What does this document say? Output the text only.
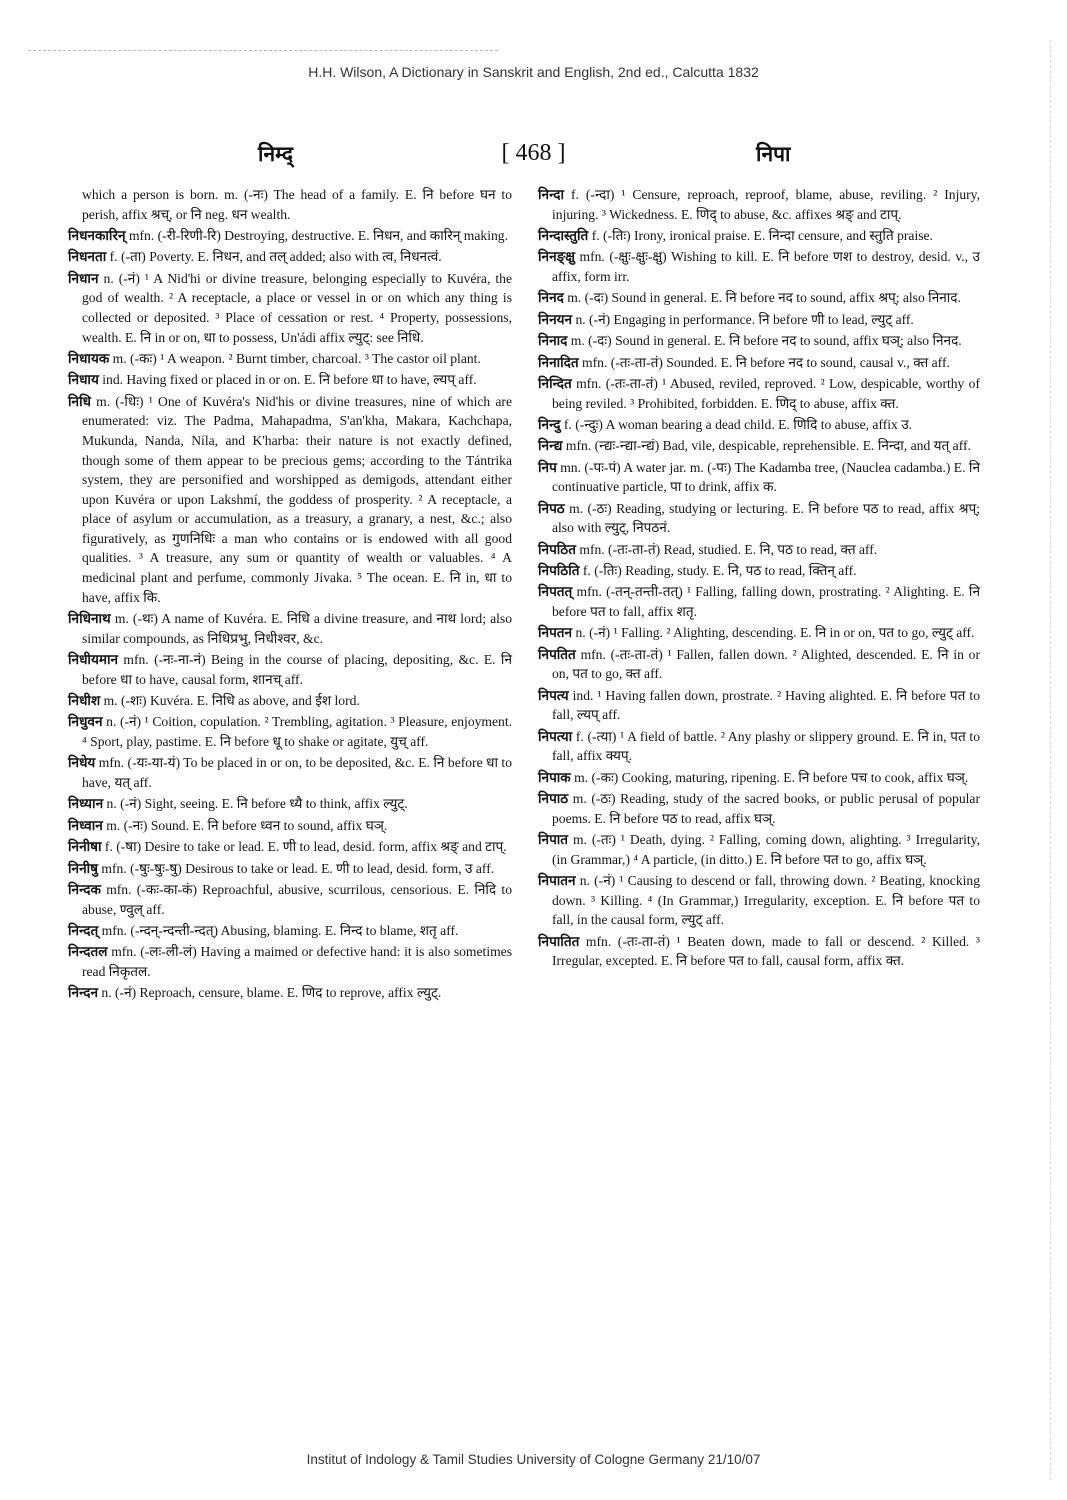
H.H. Wilson, A Dictionary in Sanskrit and English, 2nd ed., Calcutta 1832
निम्द्	[ 468 ]	निपा

which a person is born. m. (-नः) The head of a family. E. नि before घन to perish, affix श्रच्, or नि neg. धन wealth.

निधनकारिन् mfn. (-री-रिणी-रि) Destroying, destructive. E. निधन, and कारिन् making.

निधनता f. (-ता) Poverty. E. निधन, and तल् added; also with त्व, निधनत्वं.

निधान n. (-नं) ¹ A Nid'hi or divine treasure, belonging especially to Kuvéra, the god of wealth. ² A receptacle, a place or vessel in or on which any thing is collected or deposited. ³ Place of cessation or rest. ⁴ Property, possessions, wealth. E. नि in or on, धा to possess, Un'ádi affix ल्युट्: see निधि.

निधायक m. (-कः) ¹ A weapon. ² Burnt timber, charcoal. ³ The castor oil plant.

निधाय ind. Having fixed or placed in or on. E. नि before धा to have, ल्यप् aff.

निधि m. (-धिः) ¹ One of Kuvéra's Nid'his or divine treasures, nine of which are enumerated: viz. The Padma, Mahapadma, S'an'kha, Makara, Kachchapa, Mukunda, Nanda, Níla, and K'harba: their nature is not exactly defined, though some of them appear to be precious gems; according to the Tántrika system, they are personified and worshipped as demigods, attendant either upon Kuvéra or upon Lakshmí, the goddess of prosperity. ² A receptacle, a place of asylum or accumulation, as a treasury, a granary, a nest, &c.; also figuratively, as गुणनिधिः a man who contains or is endowed with all good qualities. ³ A treasure, any sum or quantity of wealth or valuables. ⁴ A medicinal plant and perfume, commonly Jivaka. ⁵ The ocean. E. नि in, धा to have, affix कि.

निधिनाथ m. (-थः) A name of Kuvéra. E. निधि a divine treasure, and नाथ lord; also similar compounds, as निधिप्रभु, निधीश्वर, &c.

निधीयमान mfn. (-नः-ना-नं) Being in the course of placing, depositing, &c. E. नि before धा to have, causal form, शानच् aff.

निधीश m. (-शः) Kuvéra. E. निधि as above, and ईश lord.

निधुवन n. (-नं) ¹ Coition, copulation. ² Trembling, agitation. ³ Pleasure, enjoyment. ⁴ Sport, play, pastime. E. नि before धू to shake or agitate, युच् aff.

निधेय mfn. (-यः-या-यं) To be placed in or on, to be deposited, &c. E. नि before धा to have, यत् aff.

निध्यान n. (-नं) Sight, seeing. E. नि before ध्यै to think, affix ल्युट्.

निध्वान m. (-नः) Sound. E. नि before ध्वन to sound, affix घञ्.

निनीषा f. (-षा) Desire to take or lead. E. णी to lead, desid. form, affix श्रङ् and टाप्.

निनीषु mfn. (-षुः-षुः-षु) Desirous to take or lead. E. णी to lead, desid. form, उ aff.

निन्दक mfn. (-कः-का-कं) Reproachful, abusive, scurrilous, censorious. E. निदि to abuse, ण्वुल् aff.

निन्दत् mfn. (-न्दन्-न्दन्ती-न्दत्) Abusing, blaming. E. निन्द to blame, शतृ aff.

निन्दतल mfn. (-लः-ली-लं) Having a maimed or defective hand: it is also sometimes read निकृतल.

निन्दन n. (-नं) Reproach, censure, blame. E. णिद to reprove, affix ल्युट्.

निन्दा f. (-न्दा) ¹ Censure, reproach, reproof, blame, abuse, reviling. ² Injury, injuring. ³ Wickedness. E. णिद् to abuse, &c. affixes श्रङ् and टाप्.

निन्दास्तुति f. (-तिः) Irony, ironical praise. E. निन्दा censure, and स्तुति praise.

निनङ्क्षु mfn. (-क्षुः-क्षुः-क्षु) Wishing to kill. E. नि before णश to destroy, desid. v., उ affix, form irr.

निनद m. (-दः) Sound in general. E. नि before नद to sound, affix श्रप्; also निनाद.

निनयन n. (-नं) Engaging in performance. नि before णी to lead, ल्युट् aff.

निनाद m. (-दः) Sound in general. E. नि before नद to sound, affix घञ्; also निनद.

निनादित mfn. (-तः-ता-तं) Sounded. E. नि before नद to sound, causal v., क्त aff.

निन्दित mfn. (-तः-ता-तं) ¹ Abused, reviled, reproved. ² Low, despicable, worthy of being reviled. ³ Prohibited, forbidden. E. णिद् to abuse, affix क्त.

निन्दु f. (-न्दुः) A woman bearing a dead child. E. णिदि to abuse, affix उ.

निन्द्य mfn. (न्द्यः-न्द्या-न्द्यं) Bad, vile, despicable, reprehensible. E. निन्दा, and यत् aff.

निप mn. (-पः-पं) A water jar. m. (-पः) The Kadamba tree, (Nauclea cadamba.) E. नि continuative particle, पा to drink, affix क.

निपठ m. (-ठः) Reading, studying or lecturing. E. नि before पठ to read, affix श्रप्; also with ल्युट्, निपठनं.

निपठित mfn. (-तः-ता-तं) Read, studied. E. नि, पठ to read, क्त aff.

निपठिति f. (-तिः) Reading, study. E. नि, पठ to read, क्तिन् aff.

निपतत् mfn. (-तन्-तन्ती-तत्) ¹ Falling, falling down, prostrating. ² Alighting. E. नि before पत to fall, affix शतृ.

निपतन n. (-नं) ¹ Falling. ² Alighting, descending. E. नि in or on, पत to go, ल्युट् aff.

निपतित mfn. (-तः-ता-तं) ¹ Fallen, fallen down. ² Alighted, descended. E. नि in or on, पत to go, क्त aff.

निपत्य ind. ¹ Having fallen down, prostrate. ² Having alighted. E. नि before पत to fall, ल्यप् aff.

निपत्या f. (-त्या) ¹ A field of battle. ² Any plashy or slippery ground. E. नि in, पत to fall, affix क्यप्.

निपाक m. (-कः) Cooking, maturing, ripening. E. नि before पच to cook, affix घञ्.

निपाठ m. (-ठः) Reading, study of the sacred books, or public perusal of popular poems. E. नि before पठ to read, affix घञ्.

निपात m. (-तः) ¹ Death, dying. ² Falling, coming down, alighting. ³ Irregularity, (in Grammar,) ⁴ A particle, (in ditto.) E. नि before पत to go, affix घञ्.

निपातन n. (-नं) ¹ Causing to descend or fall, throwing down. ² Beating, knocking down. ³ Killing. ⁴ (In Grammar,) Irregularity, exception. E. नि before पत to fall, in the causal form, ल्युट् aff.

निपातित mfn. (-तः-ता-तं) ¹ Beaten down, made to fall or descend. ² Killed. ³ Irregular, excepted. E. नि before पत to fall, causal form, affix क्त.

Institut of Indology & Tamil Studies University of Cologne Germany 21/10/07
